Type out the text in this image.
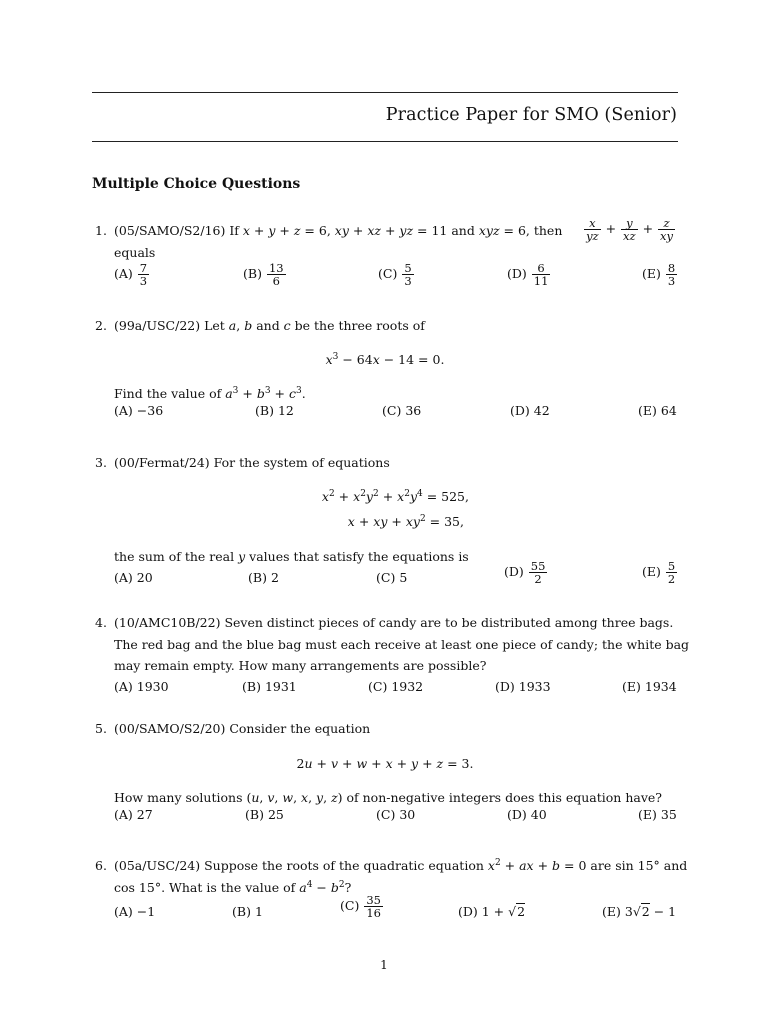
Practice Paper for SMO (Senior)
Multiple Choice Questions
1. (05/SAMO/S2/16) If x + y + z = 6, xy + xz + yz = 11 and xyz = 6, then $\frac{x}{yz} + \frac{y}{xz} + \frac{z}{xy}$
equals
$(A) \frac{7}{3}$	$(B) \frac{13}{6}$	$(C) \frac{5}{3}$	$(D) \frac{6}{11}$	$(E) \frac{8}{3}$
2. (99a/USC/22) Let a, b and c be the three roots of
$x^3 - 64x - 14 = 0$.
Find the value of $a^3 + b^3 + c^3$.
(A) −36	(B) 12	(C) 36	(D) 42	(E) 64
3. (00/Fermat/24) For the system of equations
$x^2 + x^2y^2 + x^2y^4 = 525$,
x + xy + $xy^2 = 35$,
the sum of the real y values that satisfy the equations is
(A) 20	(B) 2	(C) 5	$(D) \frac{55}{2}$	$(E) \frac{5}{2}$
4. (10/AMC10B/22) Seven distinct pieces of candy are to be distributed among three bags.
The red bag and the blue bag must each receive at least one piece of candy; the white bag
may remain empty. How many arrangements are possible?
(A) 1930	(B) 1931	(C) 1932	(D) 1933	(E) 1934
5. (00/SAMO/S2/20) Consider the equation
2u + v + w + x + y + z = 3.
How many solutions (u, v, w, x, y, z) of non-negative integers does this equation have?
(A) 27	(B) 25	(C) 30	(D) 40	(E) 35
6. (05a/USC/24) Suppose the roots of the quadratic equation $x^2$ + ax + b = 0 are sin 15° and
cos 15°. What is the value of $a^4 - b^2$?
(A) −1	(B) 1	$(C) \frac{35}{16}$	(D) 1 + √2	(E) 3√2 − 1
1
